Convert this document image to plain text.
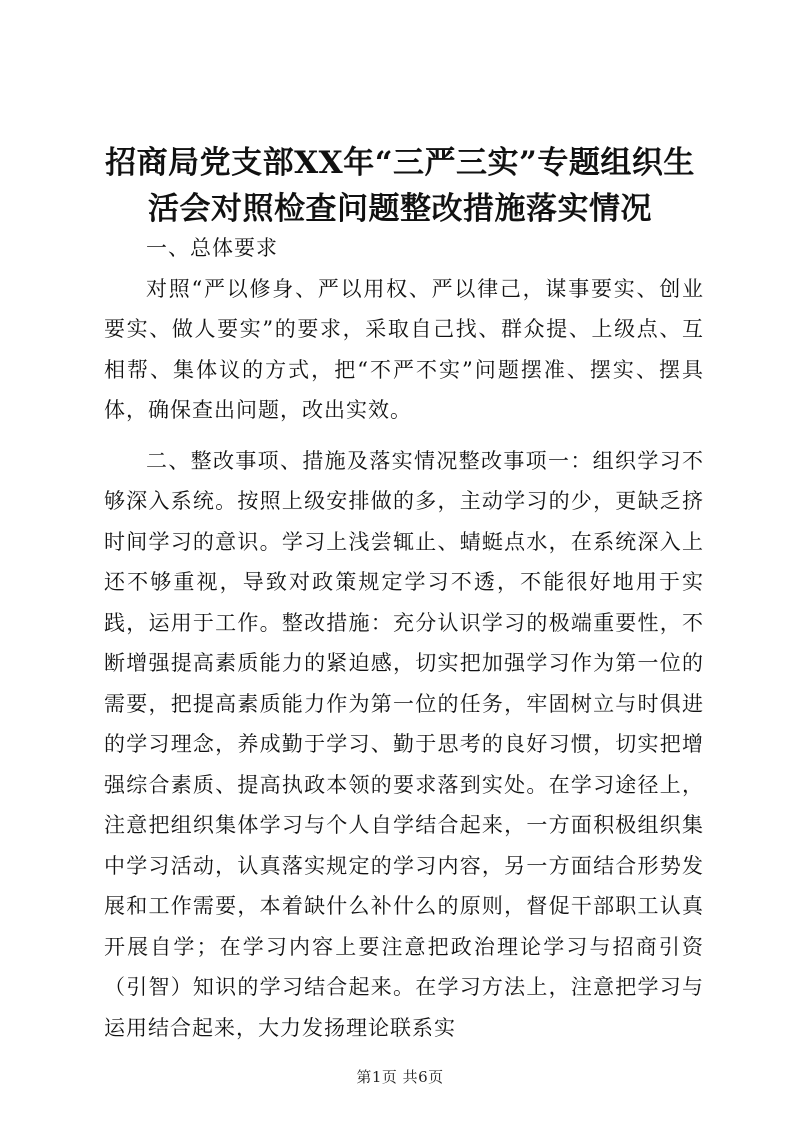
招商局党支部XX年“三严三实”专题组织生
活会对照检查问题整改措施落实情况

一、总体要求

对照“严以修身、严以用权、严以律己，谋事要实、创业要实、做人要实”的要求，采取自己找、群众提、上级点、互相帮、集体议的方式，把“不严不实”问题摆准、摆实、摆具体，确保查出问题，改出实效。

二、整改事项、措施及落实情况整改事项一：组织学习不够深入系统。按照上级安排做的多，主动学习的少，更缺乏挤时间学习的意识。学习上浅尝辄止、蜻蜓点水，在系统深入上还不够重视，导致对政策规定学习不透，不能很好地用于实践，运用于工作。整改措施：充分认识学习的极端重要性，不断增强提高素质能力的紧迫感，切实把加强学习作为第一位的需要，把提高素质能力作为第一位的任务，牢固树立与时俱进的学习理念，养成勤于学习、勤于思考的良好习惯，切实把增强综合素质、提高执政本领的要求落到实处。在学习途径上，注意把组织集体学习与个人自学结合起来，一方面积极组织集中学习活动，认真落实规定的学习内容，另一方面结合形势发展和工作需要，本着缺什么补什么的原则，督促干部职工认真开展自学；在学习内容上要注意把政治理论学习与招商引资（引智）知识的学习结合起来。在学习方法上，注意把学习与运用结合起来，大力发扬理论联系实

第1页 共6页
